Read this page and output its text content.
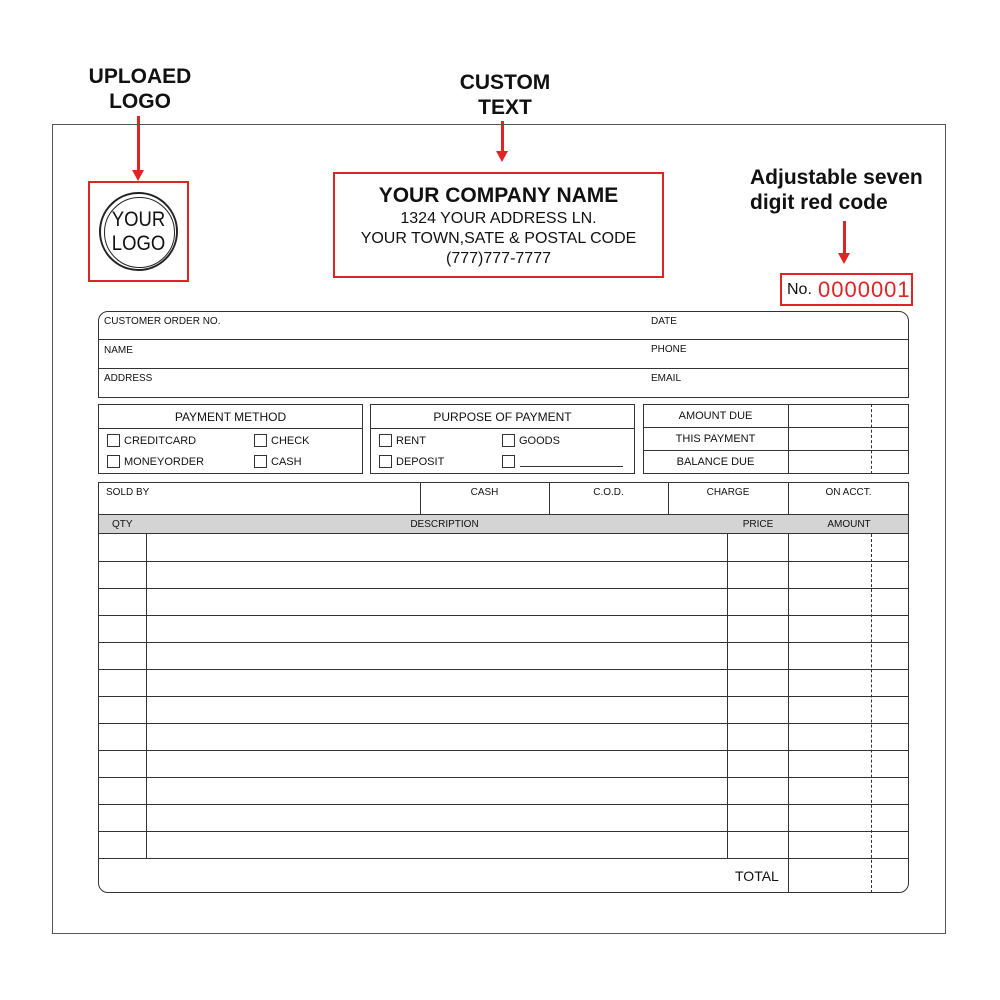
UPLOAED
LOGO
CUSTOM
TEXT
Adjustable seven
digit red code
YOUR
LOGO
YOUR COMPANY NAME
1324 YOUR ADDRESS LN.
YOUR TOWN,SATE & POSTAL CODE
(777)777-7777
No. 0000001
CUSTOMER ORDER NO.	DATE
NAME	PHONE
ADDRESS	EMAIL
PAYMENT METHOD
CREDITCARD	CHECK
MONEYORDER	CASH
PURPOSE OF PAYMENT
RENT	GOODS
DEPOSIT
AMOUNT DUE
THIS PAYMENT
BALANCE DUE
SOLD BY	CASH	C.O.D.	CHARGE	ON ACCT.
QTY	DESCRIPTION	PRICE	AMOUNT
TOTAL
